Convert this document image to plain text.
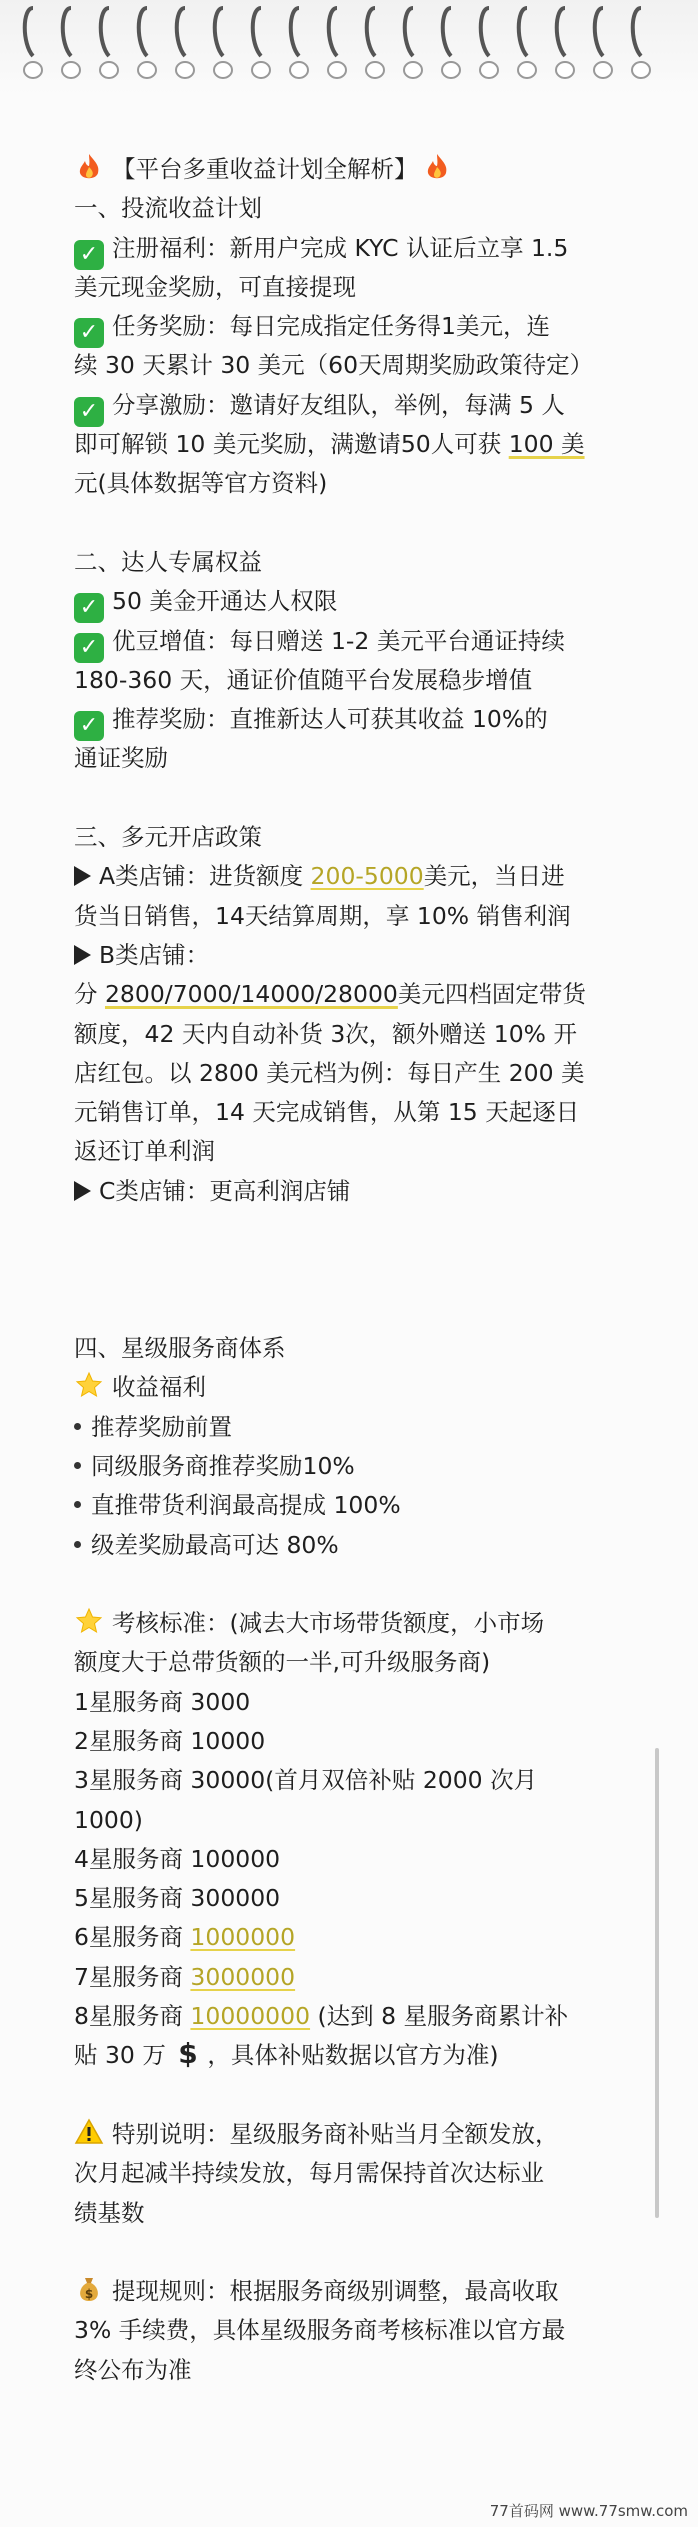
【平台多重收益计划全解析】
一、投流收益计划
✓ 注册福利：新用户完成 KYC 认证后立享 1.5
美元现金奖励，可直接提现
✓ 任务奖励：每日完成指定任务得1美元，连
续 30 天累计 30 美元（60天周期奖励政策待定）
✓ 分享激励：邀请好友组队，举例，每满 5 人
即可解锁 10 美元奖励，满邀请50人可获 100 美
元(具体数据等官方资料)
二、达人专属权益
✓ 50 美金开通达人权限
✓ 优豆增值：每日赠送 1-2 美元平台通证持续
180-360 天，通证价值随平台发展稳步增值
✓ 推荐奖励：直推新达人可获其收益 10%的
通证奖励
三、多元开店政策
A类店铺：进货额度 200-5000美元，当日进
货当日销售，14天结算周期，享 10% 销售利润
B类店铺：
分 2800/7000/14000/28000美元四档固定带货
额度，42 天内自动补货 3次，额外赠送 10% 开
店红包。以 2800 美元档为例：每日产生 200 美
元销售订单，14 天完成销售，从第 15 天起逐日
返还订单利润
C类店铺：更高利润店铺
四、星级服务商体系
收益福利
推荐奖励前置
同级服务商推荐奖励10%
直推带货利润最高提成 100%
级差奖励最高可达 80%
考核标准：(减去大市场带货额度，小市场
额度大于总带货额的一半,可升级服务商)
1星服务商 3000
2星服务商 10000
3星服务商 30000(首月双倍补贴 2000 次月
1000)
4星服务商 100000
5星服务商 300000
6星服务商 1000000
7星服务商 3000000
8星服务商 10000000 (达到 8 星服务商累计补
贴 30 万 $ ，具体补贴数据以官方为准)
特别说明：星级服务商补贴当月全额发放，
次月起减半持续发放，每月需保持首次达标业
绩基数
$ 提现规则：根据服务商级别调整，最高收取
3% 手续费，具体星级服务商考核标准以官方最
终公布为准
77首码网 www.77smw.com
